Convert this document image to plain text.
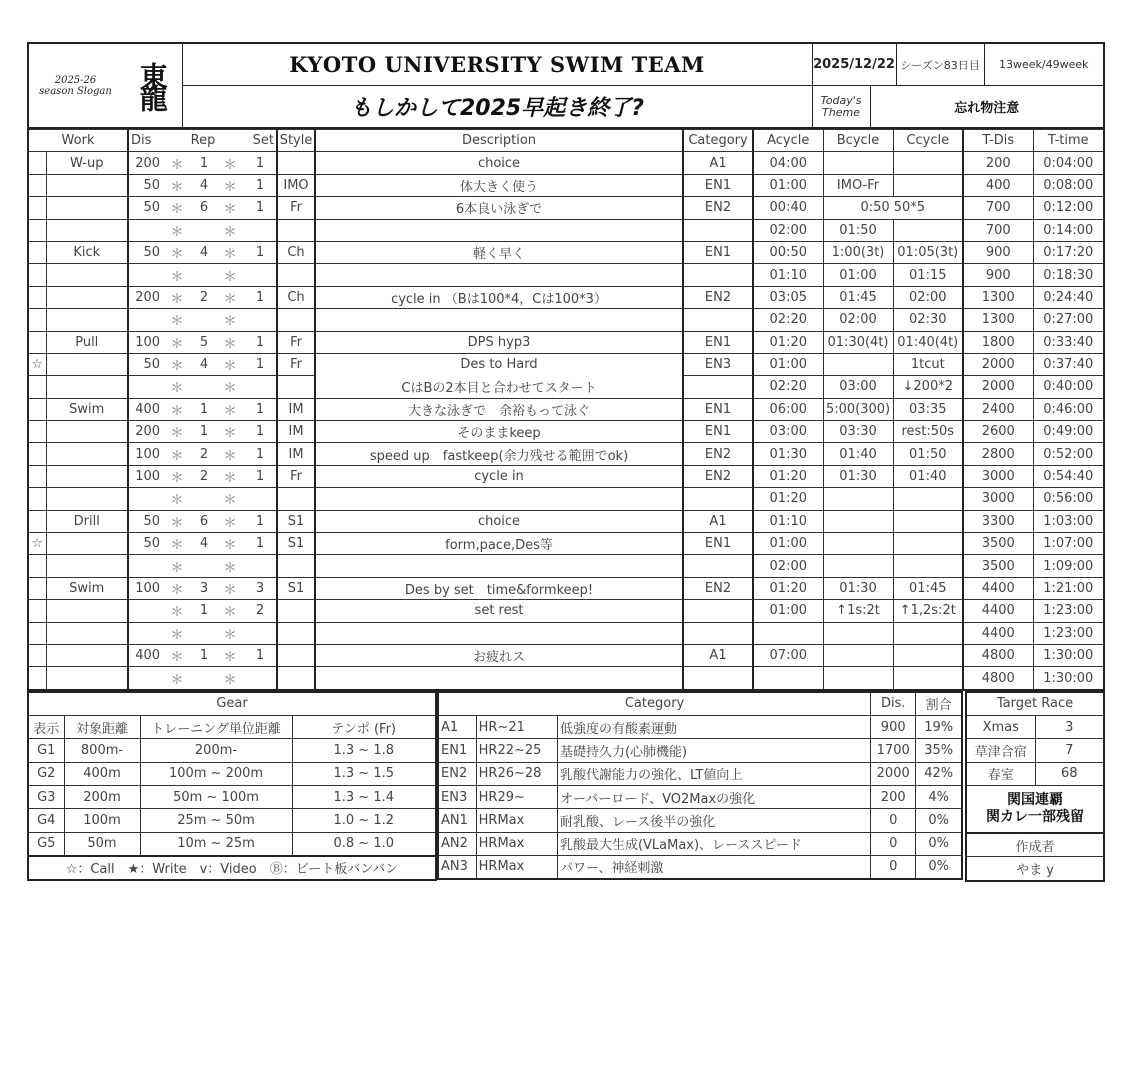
2025-26
season Slogan	東龍	KYOTO UNIVERSITY SWIM TEAM	2025/12/22		シーズン83日目	13week/49week
		もしかして2025早起き終了?	Today's
Theme	忘れ物注意		
Work		Dis	Rep			Set	Style	Description	Category	Acycle	Bcycle	Ccycle	T-Dis	T-time
	W-up	200	＊	1	＊	1		choice	A1	04:00			200	0:04:00
		50	＊	4	＊	1	IMO	体大きく使う	EN1	01:00	IMO-Fr		400	0:08:00
		50	＊	6	＊	1	Fr	6本良い泳ぎで	EN2	00:40	0:50 50*5		700	0:12:00
			＊		＊					02:00	01:50		700	0:14:00
	Kick	50	＊	4	＊	1	Ch	軽く早く	EN1	00:50	1:00(3t)	01:05(3t)	900	0:17:20
			＊		＊					01:10	01:00	01:15	900	0:18:30
		200	＊	2	＊	1	Ch	cycle in （Bは100*4，Cは100*3）	EN2	03:05	01:45	02:00	1300	0:24:40
			＊		＊					02:20	02:00	02:30	1300	0:27:00
	Pull	100	＊	5	＊	1	Fr	DPS hyp3	EN1	01:20	01:30(4t)	01:40(4t)	1800	0:33:40
☆		50	＊	4	＊	1	Fr	Des to Hard	EN3	01:00		1tcut	2000	0:37:40
			＊		＊			CはBの2本目と合わせてスタート		02:20	03:00	↓200*2	2000	0:40:00
	Swim	400	＊	1	＊	1	IM	大きな泳ぎで　余裕もって泳ぐ	EN1	06:00	5:00(300)	03:35	2400	0:46:00
		200	＊	1	＊	1	IM	そのままkeep	EN1	03:00	03:30	rest:50s	2600	0:49:00
		100	＊	2	＊	1	IM	speed up　fastkeep(余力残せる範囲でok)	EN2	01:30	01:40	01:50	2800	0:52:00
		100	＊	2	＊	1	Fr	cycle in	EN2	01:20	01:30	01:40	3000	0:54:40
			＊		＊					01:20			3000	0:56:00
	Drill	50	＊	6	＊	1	S1	choice	A1	01:10			3300	1:03:00
☆		50	＊	4	＊	1	S1	form,pace,Des等	EN1	01:00			3500	1:07:00
			＊		＊					02:00			3500	1:09:00
	Swim	100	＊	3	＊	3	S1	Des by set　time&formkeep!	EN2	01:20	01:30	01:45	4400	1:21:00
			＊	1	＊	2		set rest		01:00	↑1s:2t	↑1,2s:2t	4400	1:23:00
			＊		＊								4400	1:23:00
		400	＊	1	＊	1		お疲れス	A1	07:00			4800	1:30:00
			＊		＊								4800	1:30:00
Gear			
表示	対象距離	トレーニング単位距離	テンポ (Fr)
G1	800m-	200m-	1.3 ~ 1.8
G2	400m	100m ~ 200m	1.3 ~ 1.5
G3	200m	50m ~ 100m	1.3 ~ 1.4
G4	100m	25m ~ 50m	1.0 ~ 1.2
G5	50m	10m ~ 25m	0.8 ~ 1.0
☆：Call　★：Write　v：Video　Ⓑ：ビート板バンバン			
Category			Dis.	割合
A1	HR~21	低強度の有酸素運動	900	19%
EN1	HR22~25	基礎持久力(心肺機能)	1700	35%
EN2	HR26~28	乳酸代謝能力の強化、LT値向上	2000	42%
EN3	HR29~	オーバーロード、VO2Maxの強化	200	4%
AN1	HRMax	耐乳酸、レース後半の強化	0	0%
AN2	HRMax	乳酸最大生成(VLaMax)、レーススピード	0	0%
AN3	HRMax	パワー、神経刺激	0	0%
Target Race	
Xmas	3
草津合宿	7
春室	68

関国連覇
関カレ一部残留	

作成者	
やま y	
